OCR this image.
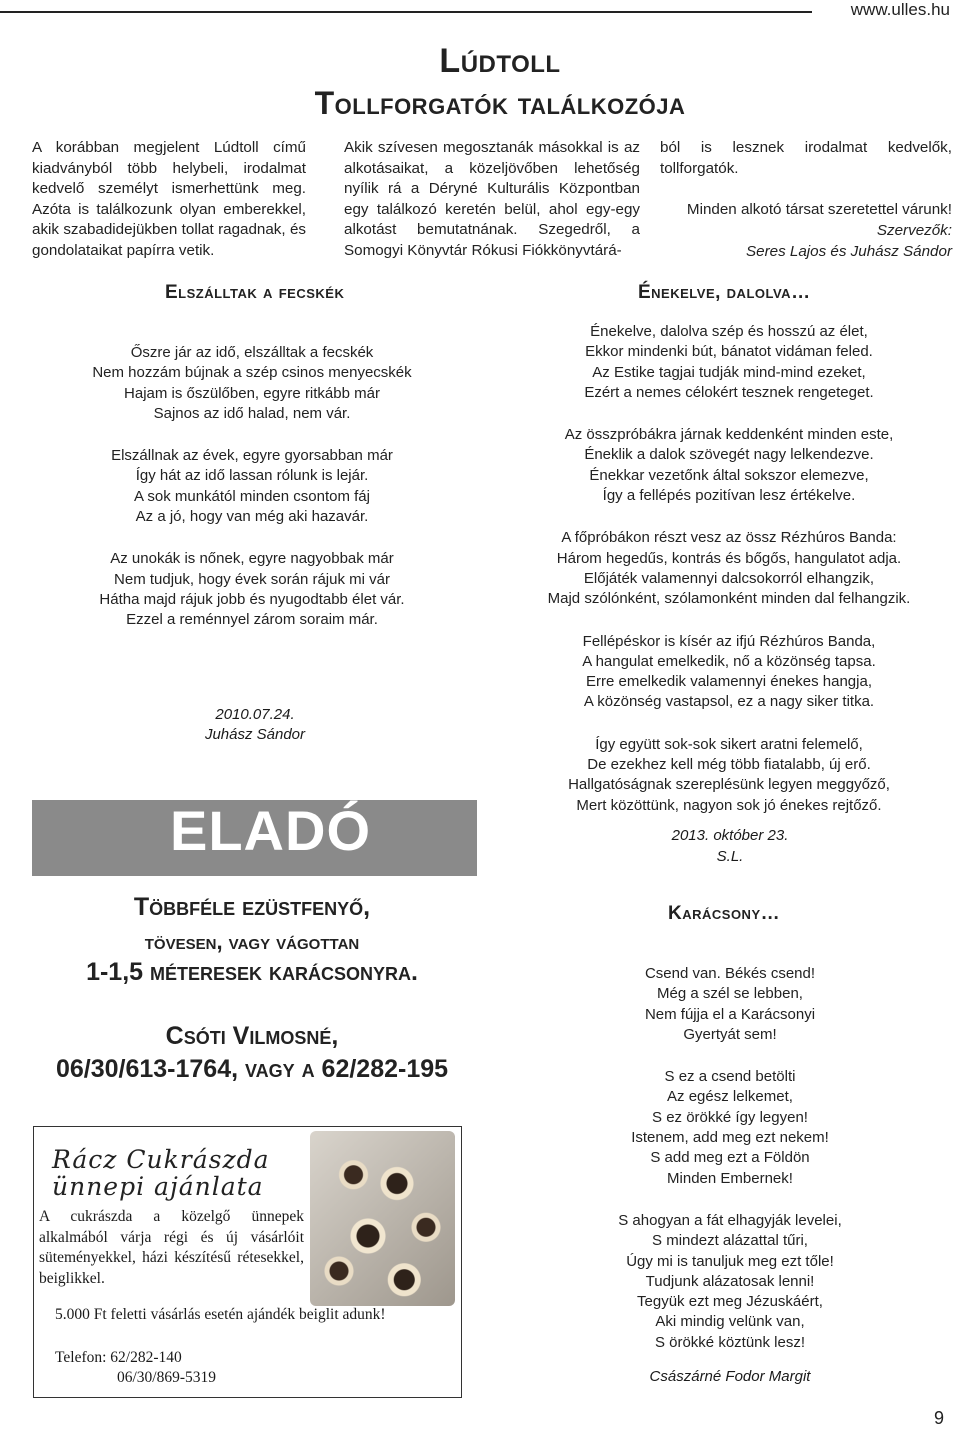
www.ulles.hu
Lúdtoll
Tollforgatók találkozója
A korábban megjelent Lúdtoll című kiadványból több helybeli, irodalmat kedvelő személyt ismerhettünk meg. Azóta is találkozunk olyan emberekkel, akik szabadidejükben tollat ragadnak, és gondolataikat papírra vetik.
Akik szívesen megosztanák másokkal is az alkotásaikat, a közeljövőben lehetőség nyílik rá a Déryné Kulturális Központban egy találkozó keretén belül, ahol egy-egy alkotást bemutatnának. Szegedről, a Somogyi Könyvtár Rókusi Fiókkönyvtárá-
ból is lesznek irodalmat kedvelők, tollforgatók.
Minden alkotó társat szeretettel várunk!
Szervezők:
Seres Lajos és Juhász Sándor
Elszálltak a fecskék

Őszre jár az idő, elszálltak a fecskék
Nem hozzám bújnak a szép csinos menyecskék
Hajam is őszülőben, egyre ritkább már
Sajnos az idő halad, nem vár.

Elszállnak az évek, egyre gyorsabban már
Így hát az idő lassan rólunk is lejár.
A sok munkától minden csontom fáj
Az a jó, hogy van még aki hazavár.

Az unokák is nőnek, egyre nagyobbak már
Nem tudjuk, hogy évek során rájuk mi vár
Hátha majd rájuk jobb és nyugodtabb élet vár.
Ezzel a reménnyel zárom soraim már.

2010.07.24.
Juhász Sándor
ELADÓ
Többféle ezüstfenyő,
tövesen, vagy vágottan
1-1,5 méteresek karácsonyra.
Csóti Vilmosné,
06/30/613-1764, vagy a 62/282-195
Rácz Cukrászda
ünnepi ajánlata
A cukrászda a közelgő ünnepek alkalmából várja régi és új vásárlóit süteményekkel, házi készítésű rétesekkel, beiglikkel.
5.000 Ft feletti vásárlás esetén ajándék beiglit adunk!
Telefon: 62/282-140
06/30/869-5319
Énekelve, dalolva…

Énekelve, dalolva szép és hosszú az élet,
Ekkor mindenki bút, bánatot vidáman feled.
Az Estike tagjai tudják mind-mind ezeket,
Ezért a nemes célokért tesznek rengeteget.

Az összpróbákra járnak keddenként minden este,
Éneklik a dalok szövegét nagy lelkendezve.
Énekkar vezetőnk által sokszor elemezve,
Így a fellépés pozitívan lesz értékelve.

A főpróbákon részt vesz az össz Rézhúros Banda:
Három hegedűs, kontrás és bőgős, hangulatot adja.
Előjáték valamennyi dalcsokorról elhangzik,
Majd szólónként, szólamonként minden dal felhangzik.

Fellépéskor is kísér az ifjú Rézhúros Banda,
A hangulat emelkedik, nő a közönség tapsa.
Erre emelkedik valamennyi énekes hangja,
A közönség vastapsol, ez a nagy siker titka.

Így együtt sok-sok sikert aratni felemelő,
De ezekhez kell még több fiatalabb, új erő.
Hallgatóságnak szereplésünk legyen meggyőző,
Mert közöttünk, nagyon sok jó énekes rejtőző.

2013. október 23.
S.L.
Karácsony…

Csend van. Békés csend!
Még a szél se lebben,
Nem fújja el a Karácsonyi
Gyertyát sem!

S ez a csend betölti
Az egész lelkemet,
S ez örökké így legyen!
Istenem, add meg ezt nekem!
S add meg ezt a Földön
Minden Embernek!

S ahogyan a fát elhagyják levelei,
S mindezt alázattal tűri,
Úgy mi is tanuljuk meg ezt tőle!
Tudjunk alázatosak lenni!
Tegyük ezt meg Jézuskáért,
Aki mindig velünk van,
S örökké köztünk lesz!

Császárné Fodor Margit
9
